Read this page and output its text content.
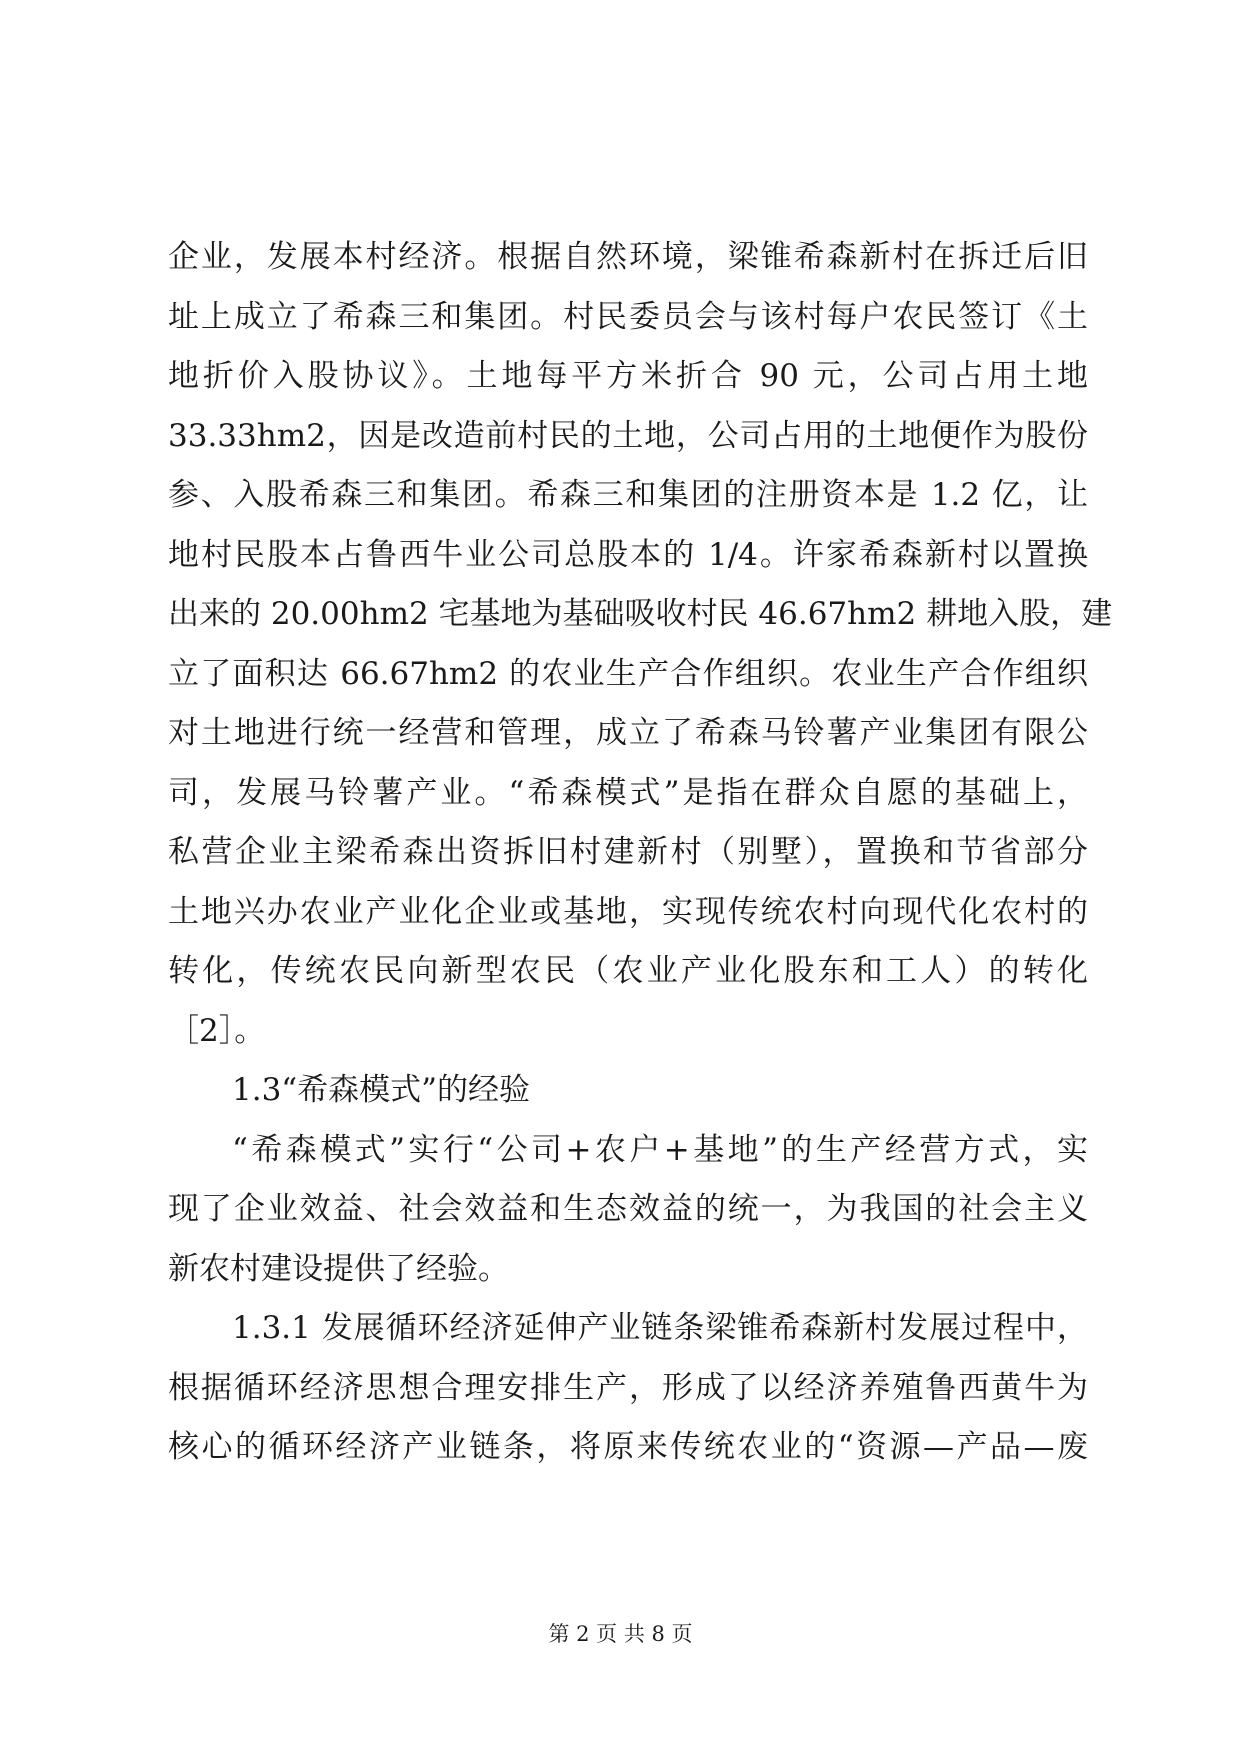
企业，发展本村经济。根据自然环境，梁锥希森新村在拆迁后旧
址上成立了希森三和集团。村民委员会与该村每户农民签订《土
地折价入股协议》。土地每平方米折合 90 元，公司占用土地
33.33hm2，因是改造前村民的土地，公司占用的土地便作为股份
参、入股希森三和集团。希森三和集团的注册资本是 1.2 亿，让
地村民股本占鲁西牛业公司总股本的 1/4。许家希森新村以置换
出来的 20.00hm2 宅基地为基础吸收村民 46.67hm2 耕地入股，建
立了面积达 66.67hm2 的农业生产合作组织。农业生产合作组织
对土地进行统一经营和管理，成立了希森马铃薯产业集团有限公
司，发展马铃薯产业。“希森模式”是指在群众自愿的基础上，
私营企业主梁希森出资拆旧村建新村（别墅），置换和节省部分
土地兴办农业产业化企业或基地，实现传统农村向现代化农村的
转化，传统农民向新型农民（农业产业化股东和工人）的转化
［2］。
1.3“希森模式”的经验
“希森模式”实行“公司+农户+基地”的生产经营方式，实
现了企业效益、社会效益和生态效益的统一，为我国的社会主义
新农村建设提供了经验。
1.3.1 发展循环经济延伸产业链条梁锥希森新村发展过程中，
根据循环经济思想合理安排生产，形成了以经济养殖鲁西黄牛为
核心的循环经济产业链条，将原来传统农业的“资源—产品—废
第 2 页 共 8 页
